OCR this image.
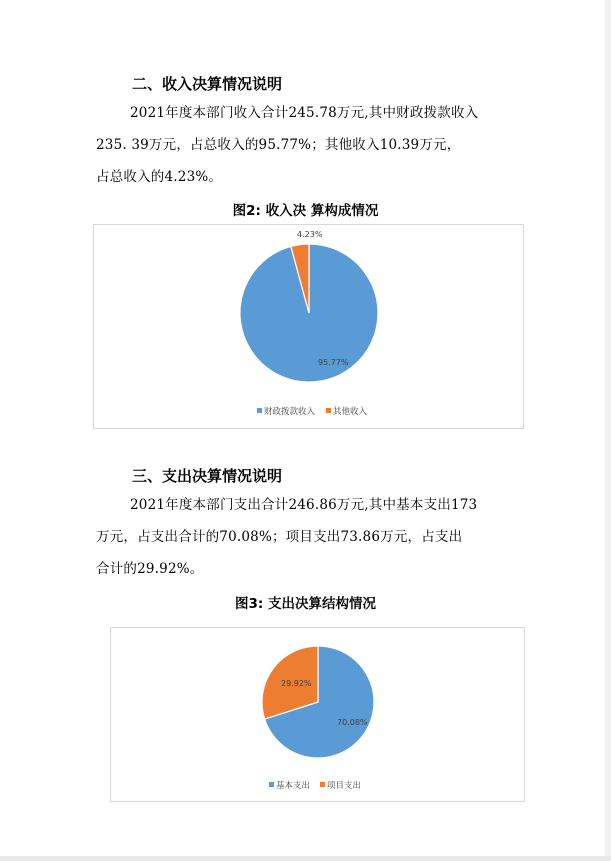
二、收入决算情况说明
2021年度本部门收入合计245.78万元,其中财政拨款收入
235. 39万元，占总收入的95.77%；其他收入10.39万元，
占总收入的4.23%。
图2: 收入决 算构成情况
95.77%
4.23%
财政拨款收入 其他收入
三、支出决算情况说明
2021年度本部门支出合计246.86万元,其中基本支出173
万元，占支出合计的70.08%；项目支出73.86万元，占支出
合计的29.92%。
图3: 支出决算结构情况
70.08%
29.92%
基本支出 项目支出
